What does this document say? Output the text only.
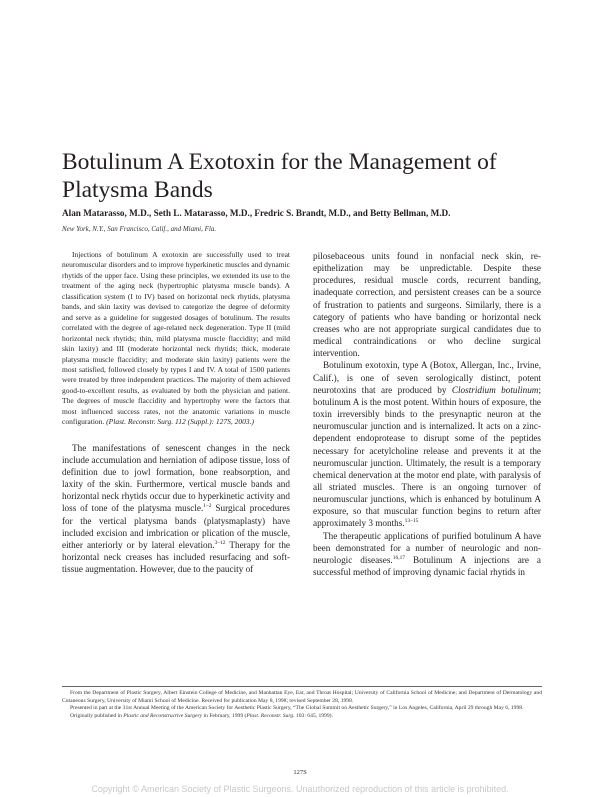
Botulinum A Exotoxin for the Management of Platysma Bands
Alan Matarasso, M.D., Seth L. Matarasso, M.D., Fredric S. Brandt, M.D., and Betty Bellman, M.D.
New York, N.Y., San Francisco, Calif., and Miami, Fla.

Injections of botulinum A exotoxin are successfully used to treat neuromuscular disorders and to improve hyperkinetic muscles and dynamic rhytids of the upper face. Using these principles, we extended its use to the treatment of the aging neck (hypertrophic platysma muscle bands). A classification system (I to IV) based on horizontal neck rhytids, platysma bands, and skin laxity was devised to categorize the degree of deformity and serve as a guideline for suggested dosages of botulinum. The results correlated with the degree of age-related neck degeneration. Type II (mild horizontal neck rhytids; thin, mild platysma muscle flaccidity; and mild skin laxity) and III (moderate horizontal neck rhytids; thick, moderate platysma muscle flaccidity; and moderate skin laxity) patients were the most satisfied, followed closely by types I and IV. A total of 1500 patients were treated by three independent practices. The majority of them achieved good-to-excellent results, as evaluated by both the physician and patient. The degrees of muscle flaccidity and hypertrophy were the factors that most influenced success rates, not the anatomic variations in muscle configuration. (Plast. Reconstr. Surg. 112 (Suppl.): 127S, 2003.)

The manifestations of senescent changes in the neck include accumulation and herniation of adipose tissue, loss of definition due to jowl formation, bone reabsorption, and laxity of the skin. Furthermore, vertical muscle bands and horizontal neck rhytids occur due to hyperkinetic activity and loss of tone of the platysma muscle.$^{1-2}$ Surgical procedures for the vertical platysma bands (platysmaplasty) have included excision and imbrication or plication of the muscle, either anteriorly or by lateral elevation.$^{3-12}$ Therapy for the horizontal neck creases has included resurfacing and soft-tissue augmentation. However, due to the paucity of

pilosebaceous units found in nonfacial neck skin, re-epithelization may be unpredictable. Despite these procedures, residual muscle cords, recurrent banding, inadequate correction, and persistent creases can be a source of frustration to patients and surgeons. Similarly, there is a category of patients who have banding or horizontal neck creases who are not appropriate surgical candidates due to medical contraindications or who decline surgical intervention.

Botulinum exotoxin, type A (Botox, Allergan, Inc., Irvine, Calif.), is one of seven serologically distinct, potent neurotoxins that are produced by Clostridium botulinum; botulinum A is the most potent. Within hours of exposure, the toxin irreversibly binds to the presynaptic neuron at the neuromuscular junction and is internalized. It acts on a zinc-dependent endoprotease to disrupt some of the peptides necessary for acetylcholine release and prevents it at the neuromuscular junction. Ultimately, the result is a temporary chemical denervation at the motor end plate, with paralysis of all striated muscles. There is an ongoing turnover of neuromuscular junctions, which is enhanced by botulinum A exposure, so that muscular function begins to return after approximately 3 months.$^{13-15}$

The therapeutic applications of purified botulinum A have been demonstrated for a number of neurologic and non-neurologic diseases.$^{16,17}$ Botulinum A injections are a successful method of improving dynamic facial rhytids in

From the Department of Plastic Surgery, Albert Einstein College of Medicine, and Manhattan Eye, Ear, and Throat Hospital; University of California School of Medicine; and Department of Dermatology and Cutaneous Surgery, University of Miami School of Medicine. Received for publication May 8, 1998; revised September 28, 1998.

Presented in part at the 31st Annual Meeting of the American Society for Aesthetic Plastic Surgery, “The Global Summit on Aesthetic Surgery,” in Los Angeles, California, April 29 through May 6, 1998.

Originally published in Plastic and Reconstructive Surgery in February, 1999 (Plast. Reconstr. Surg. 103: 645, 1999).

127S
Copyright © American Society of Plastic Surgeons. Unauthorized reproduction of this article is prohibited.
